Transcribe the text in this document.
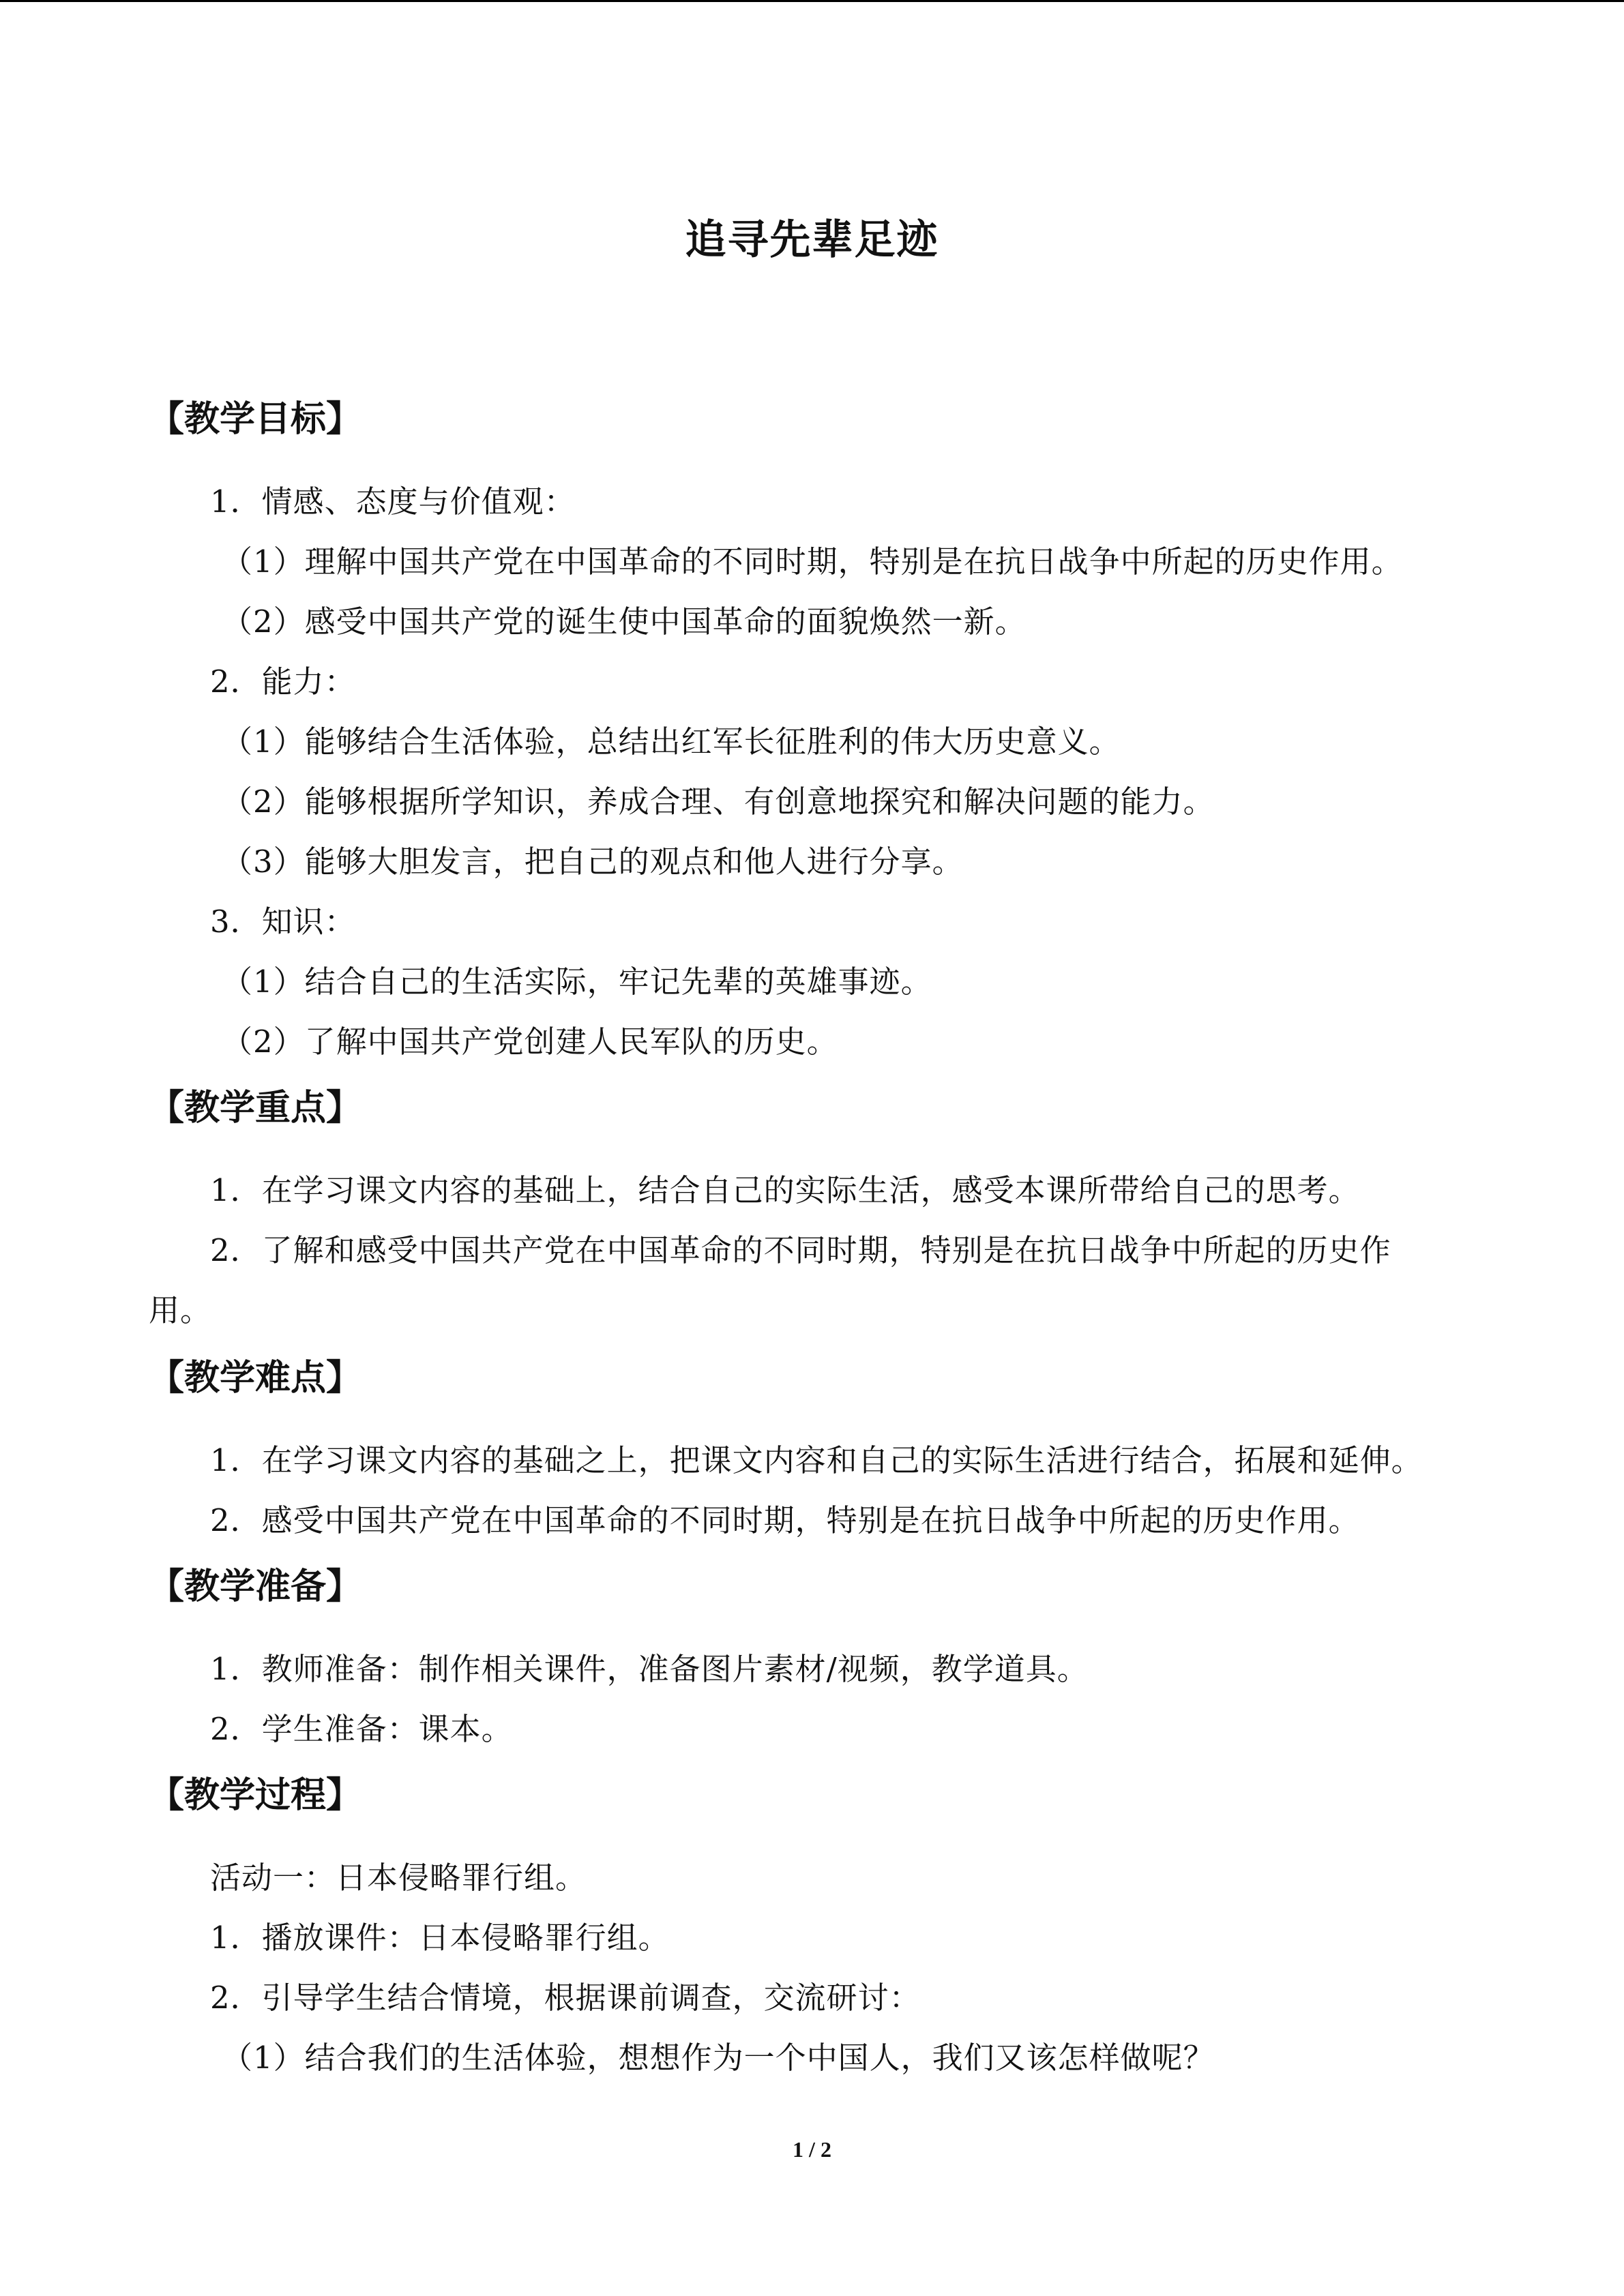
追寻先辈足迹
【教学目标】
1．情感、态度与价值观：
（1）理解中国共产党在中国革命的不同时期，特别是在抗日战争中所起的历史作用。
（2）感受中国共产党的诞生使中国革命的面貌焕然一新。
2．能力：
（1）能够结合生活体验，总结出红军长征胜利的伟大历史意义。
（2）能够根据所学知识，养成合理、有创意地探究和解决问题的能力。
（3）能够大胆发言，把自己的观点和他人进行分享。
3．知识：
（1）结合自己的生活实际，牢记先辈的英雄事迹。
（2）了解中国共产党创建人民军队的历史。
【教学重点】
1．在学习课文内容的基础上，结合自己的实际生活，感受本课所带给自己的思考。
2．了解和感受中国共产党在中国革命的不同时期，特别是在抗日战争中所起的历史作
用。
【教学难点】
1．在学习课文内容的基础之上，把课文内容和自己的实际生活进行结合，拓展和延伸。
2．感受中国共产党在中国革命的不同时期，特别是在抗日战争中所起的历史作用。
【教学准备】
1．教师准备：制作相关课件，准备图片素材/视频，教学道具。
2．学生准备：课本。
【教学过程】
活动一：日本侵略罪行组。
1．播放课件：日本侵略罪行组。
2．引导学生结合情境，根据课前调查，交流研讨：
（1）结合我们的生活体验，想想作为一个中国人，我们又该怎样做呢？
1 / 2
